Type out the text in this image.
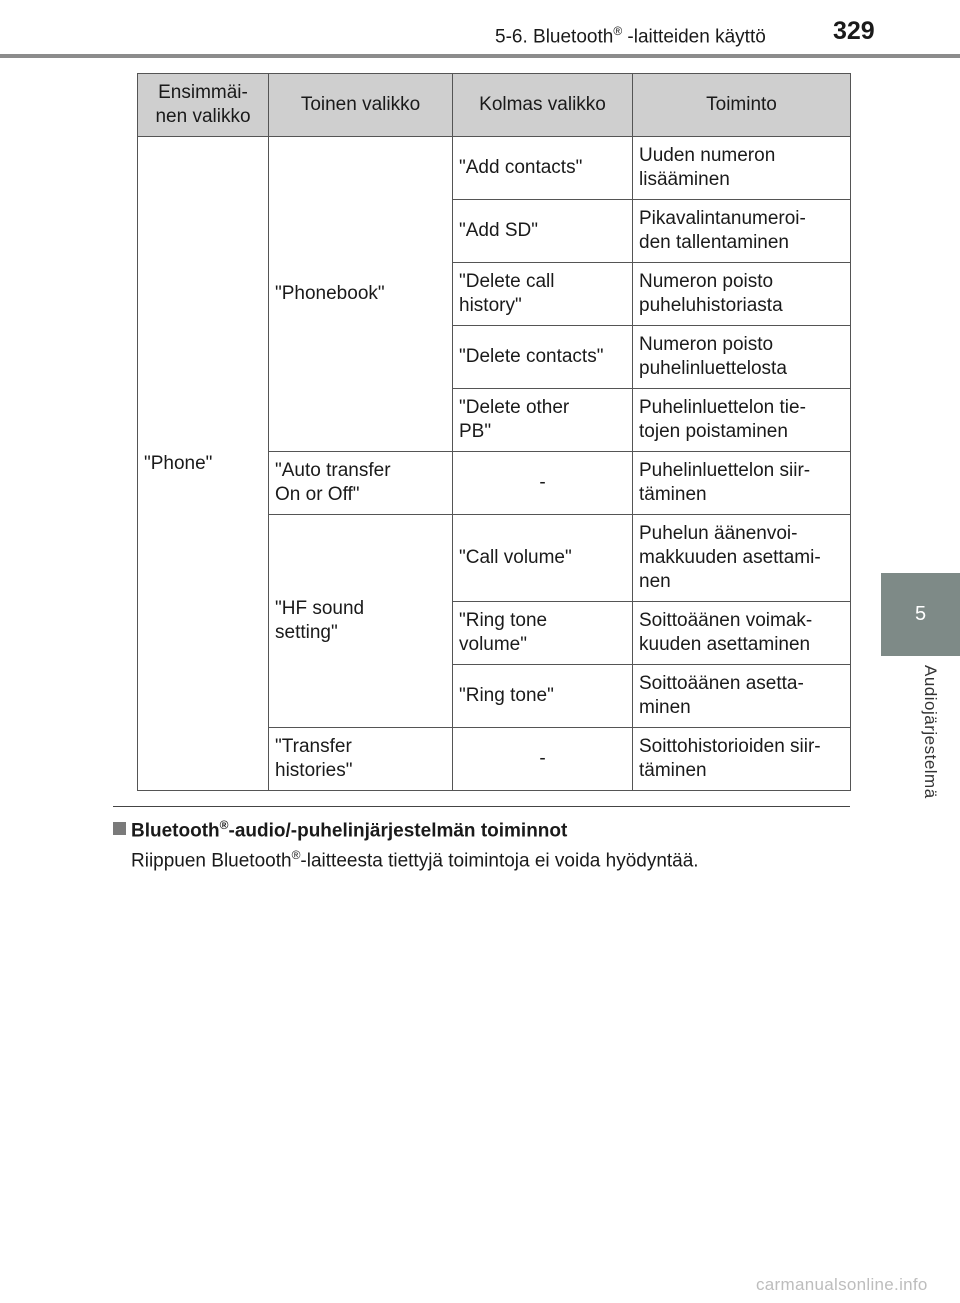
5-6. Bluetooth® -laitteiden käyttö	329
5
Audiojärjestelmä
Ensimmäi-
nen valikko	Toinen valikko	Kolmas valikko	Toiminto
"Phone"	"Phonebook"	"Add contacts"	Uuden numeron
lisääminen
		"Add SD"	Pikavalintanumeroi-
den tallentaminen
		"Delete call
history"	Numeron poisto
puheluhistoriasta
		"Delete contacts"	Numeron poisto
puhelinluettelosta
		"Delete other
PB"	Puhelinluettelon tie-
tojen poistaminen
	"Auto transfer
On or Off"	-	Puhelinluettelon siir-
täminen
	"HF sound
setting"	"Call volume"	Puhelun äänenvoi-
makkuuden asettami-
nen
		"Ring tone
volume"	Soittoäänen voimak-
kuuden asettaminen
		"Ring tone"	Soittoäänen asetta-
minen
	"Transfer
histories"	-	Soittohistorioiden siir-
täminen
Bluetooth®-audio/-puhelinjärjestelmän toiminnot
Riippuen Bluetooth®-laitteesta tiettyjä toimintoja ei voida hyödyntää.
carmanualsonline.info
